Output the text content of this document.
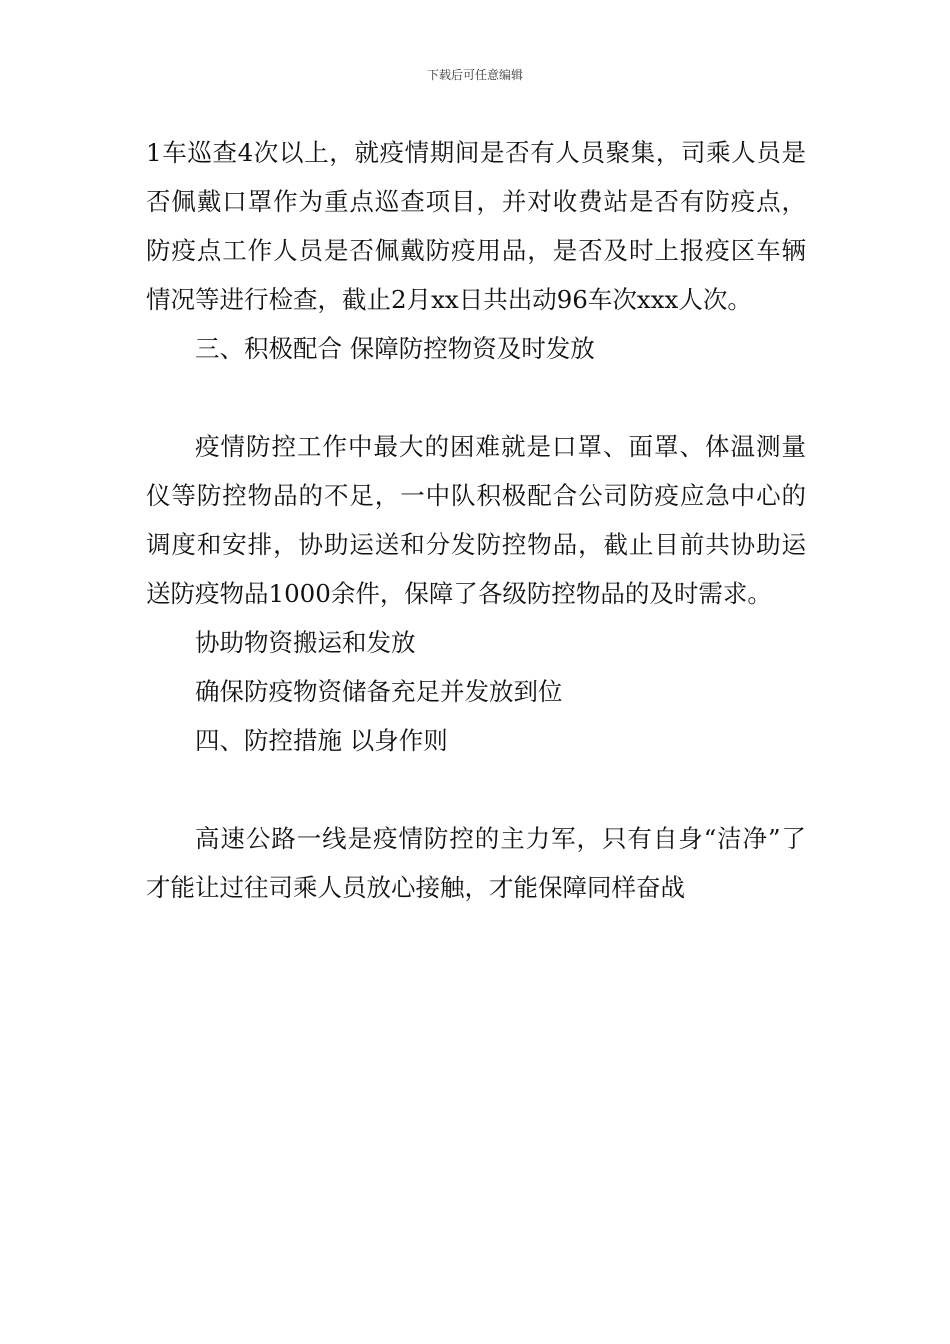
下载后可任意编辑

1车巡查4次以上，就疫情期间是否有人员聚集，司乘人员是否佩戴口罩作为重点巡查项目，并对收费站是否有防疫点，防疫点工作人员是否佩戴防疫用品，是否及时上报疫区车辆情况等进行检查，截止2月xx日共出动96车次xxx人次。

三、积极配合 保障防控物资及时发放

疫情防控工作中最大的困难就是口罩、面罩、体温测量仪等防控物品的不足，一中队积极配合公司防疫应急中心的调度和安排，协助运送和分发防控物品，截止目前共协助运送防疫物品1000余件，保障了各级防控物品的及时需求。

协助物资搬运和发放

确保防疫物资储备充足并发放到位

四、防控措施 以身作则

高速公路一线是疫情防控的主力军，只有自身“洁净”了才能让过往司乘人员放心接触，才能保障同样奋战
